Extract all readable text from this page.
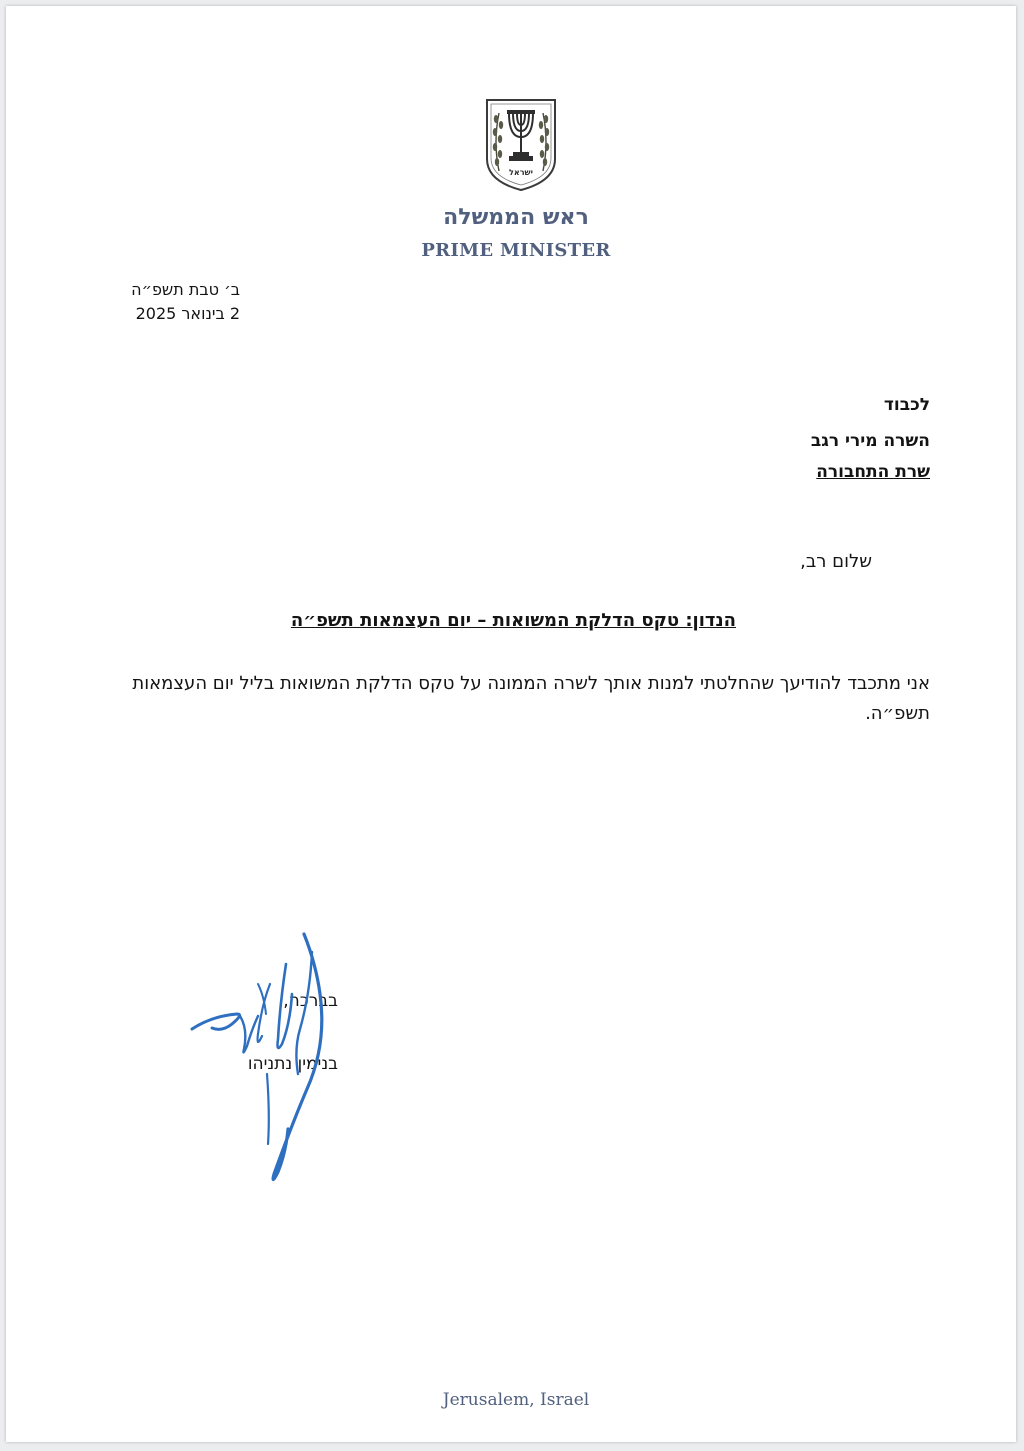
ישראל
ראש הממשלה
PRIME MINISTER
ב׳ טבת תשפ״ה
2 בינואר 2025
לכבוד
השרה מירי רגב
שרת התחבורה
שלום רב,
הנדון: טקס הדלקת המשואות – יום העצמאות תשפ״ה
אני מתכבד להודיעך שהחלטתי למנות אותך לשרה הממונה על טקס הדלקת המשואות בליל יום העצמאות תשפ״ה.
בברכה,
בנימין נתניהו
Jerusalem, Israel
